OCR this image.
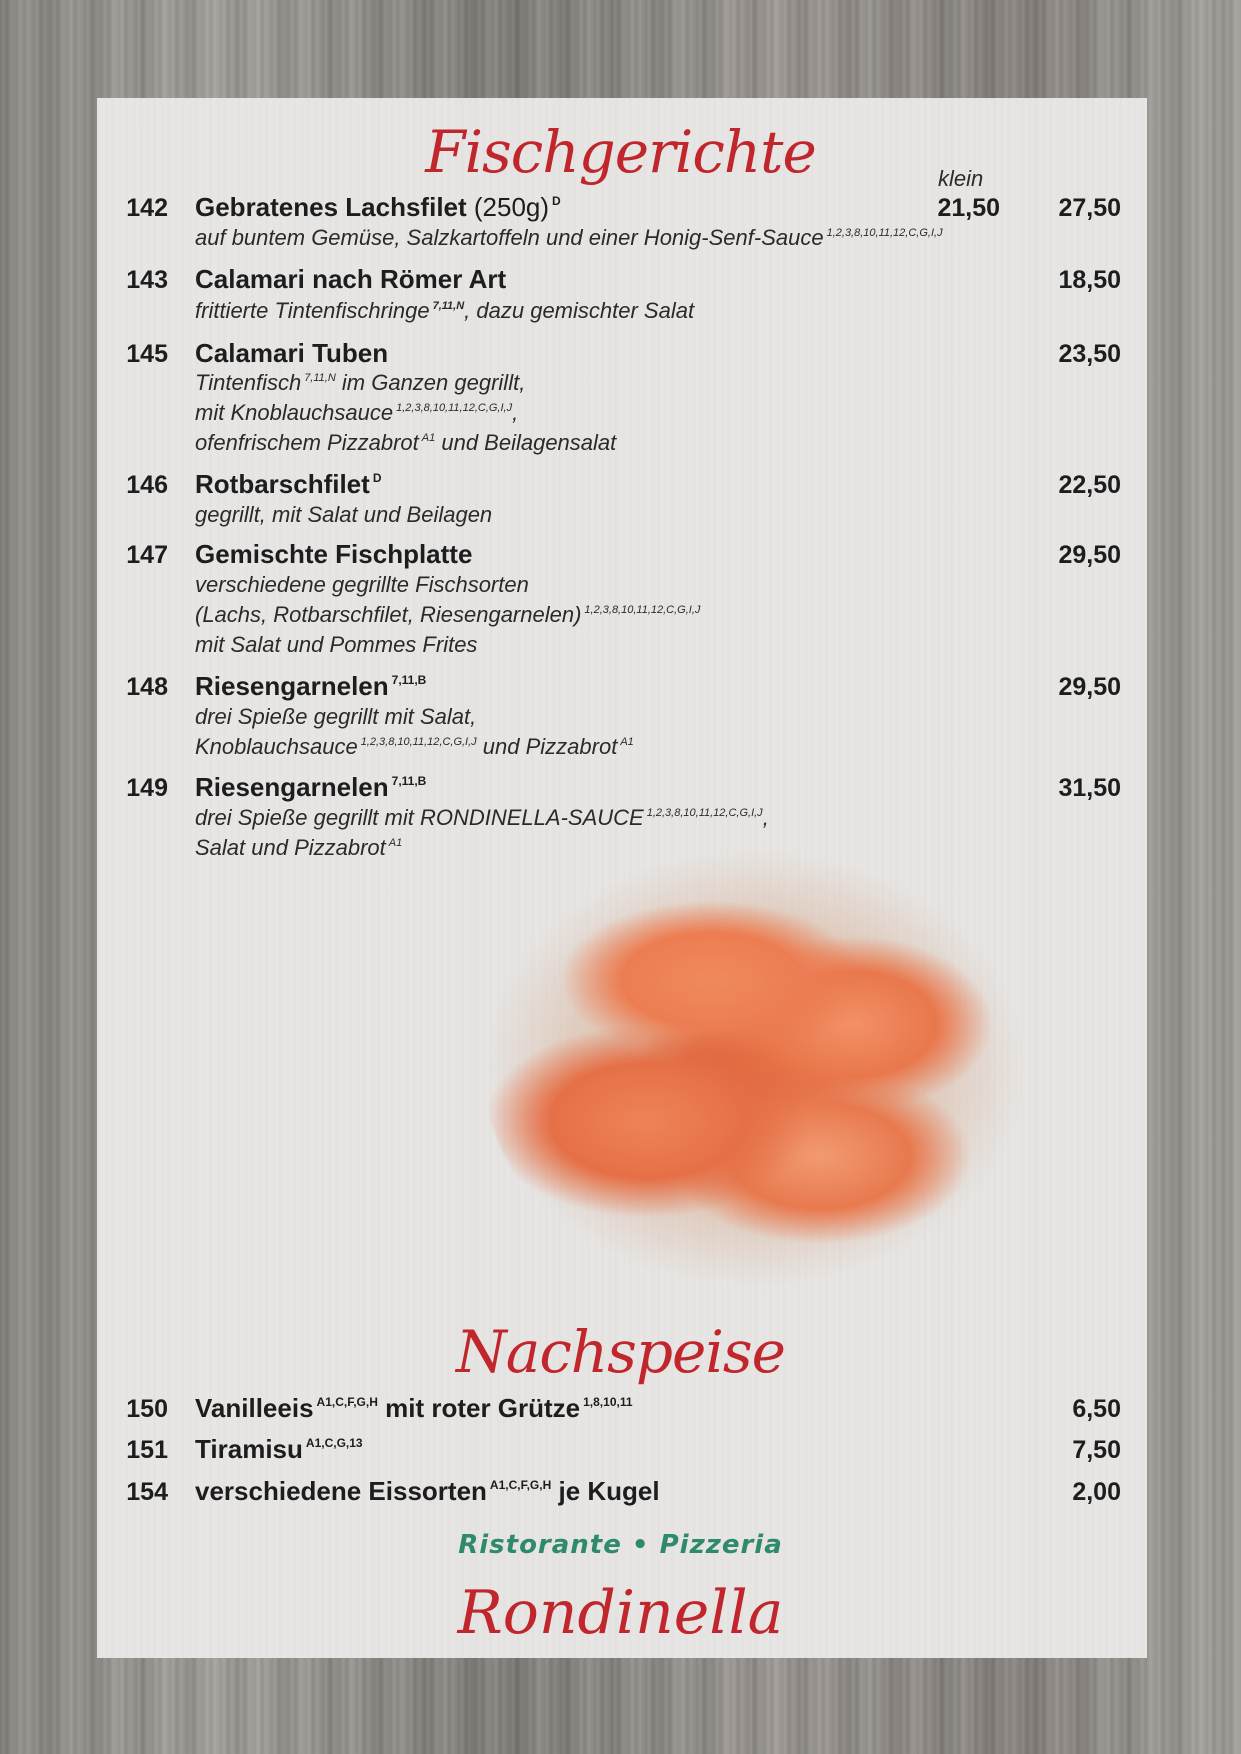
Fischgerichte	klein
142 Gebratenes Lachsfilet (250g) $^D$	21,50 27,50
auf buntem Gemüse, Salzkartoffeln und einer Honig-Senf-Sauce $^{1,2,3,8,10,11,12,C,G,I,J}$
143 Calamari nach Römer Art	18,50
frittierte Tintenfischringe $^{7,11,N}$, dazu gemischter Salat
145 Calamari Tuben	23,50
Tintenfisch $^{7,11,N}$ im Ganzen gegrillt,
mit Knoblauchsauce $^{1,2,3,8,10,11,12,C,G,I,J}$,
ofenfrischem Pizzabrot $^{A1}$ und Beilagensalat
146 Rotbarschfilet $^D$	22,50
gegrillt, mit Salat und Beilagen
147 Gemischte Fischplatte	29,50
verschiedene gegrillte Fischsorten
(Lachs, Rotbarschfilet, Riesengarnelen) $^{1,2,3,8,10,11,12,C,G,I,J}$
mit Salat und Pommes Frites
148 Riesengarnelen $^{7,11,B}$	29,50
drei Spieße gegrillt mit Salat,
Knoblauchsauce $^{1,2,3,8,10,11,12,C,G,I,J}$ und Pizzabrot $^{A1}$
149 Riesengarnelen $^{7,11,B}$	31,50
drei Spieße gegrillt mit RONDINELLA-SAUCE $^{1,2,3,8,10,11,12,C,G,I,J}$,
Salat und Pizzabrot $^{A1}$
Nachspeise
150 Vanilleeis $^{A1,C,F,G,H}$ mit roter Grütze $^{1,8,10,11}$	6,50
151 Tiramisu $^{A1,C,G,13}$	7,50
154 verschiedene Eissorten $^{A1,C,F,G,H}$ je Kugel	2,00
Ristorante • Pizzeria
Rondinella
